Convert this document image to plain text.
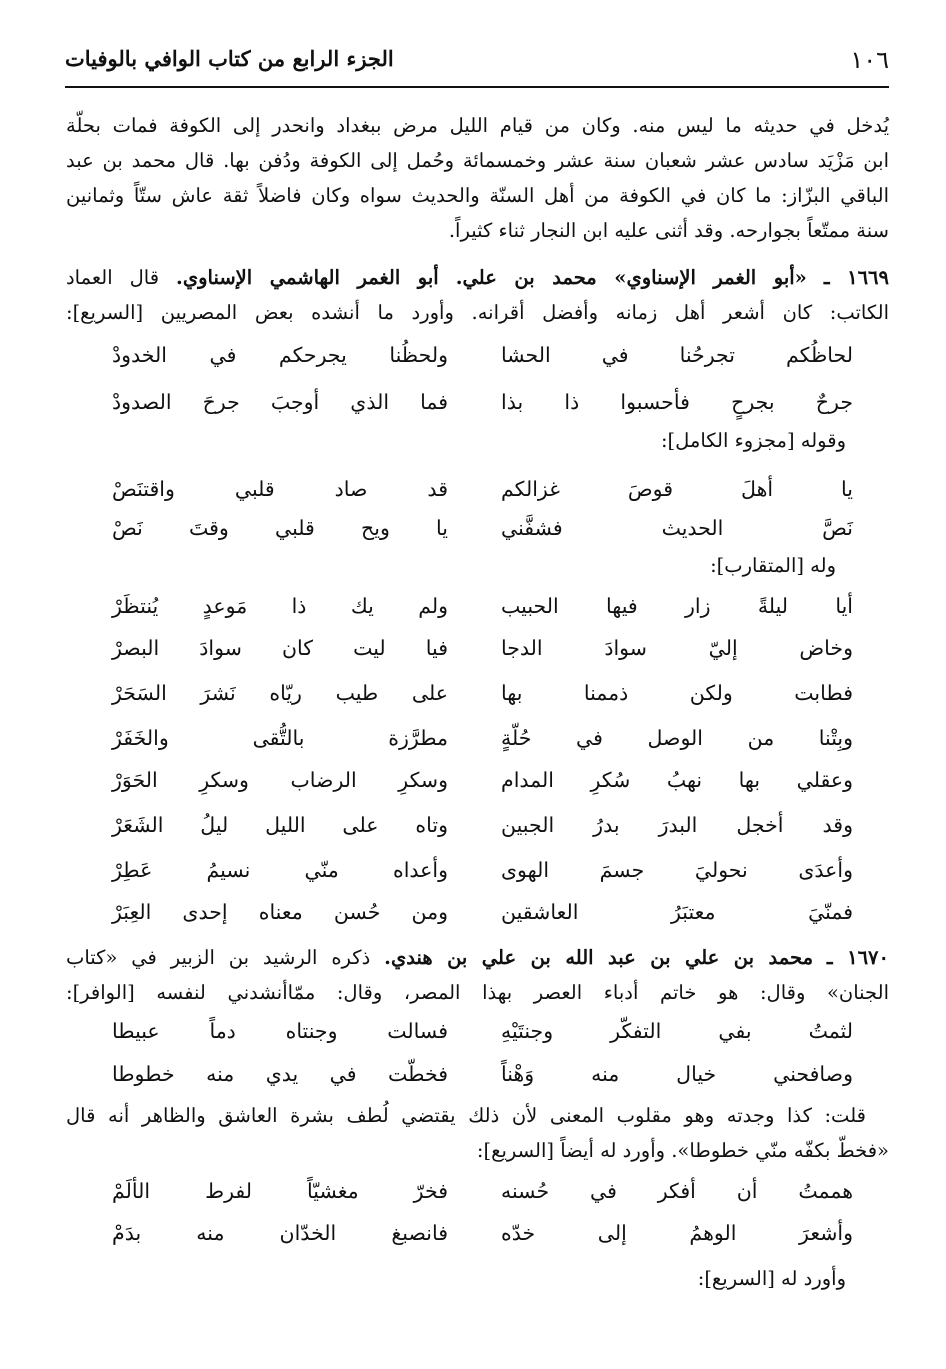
١٠٦
الجزء الرابع من كتاب الوافي بالوفيات
يُدخل في حديثه ما ليس منه. وكان من قيام الليل مرض ببغداد وانحدر إلى الكوفة فمات بحلّة
ابن مَزْيَد سادس عشر شعبان سنة عشر وخمسمائة وحُمل إلى الكوفة ودُفن بها. قال محمد بن عبد
الباقي البزّاز: ما كان في الكوفة من أهل السنّة والحديث سواه وكان فاضلاً ثقة عاش ستّاً وثمانين
سنة ممتّعاً بجوارحه. وقد أثنى عليه ابن النجار ثناء كثيراً.
١٦٦٩ ـ «أبو الغمر الإسناوي» محمد بن علي. أبو الغمر الهاشمي الإسناوي. قال العماد
الكاتب: كان أشعر أهل زمانه وأفضل أقرانه. وأورد ما أنشده بعض المصريين [السريع]:
لحاظُكم تجرحُنا في الحشا
ولحظُنا يجرحكم في الخدودْ
جرحٌ بجرحٍ فأحسبوا ذا بذا
فما الذي أوجبَ جرحَ الصدودْ
وقوله [مجزوء الكامل]:
يا أهلَ قوصَ غزالكم
قد صاد قلبي واقتنَصْ
نَصَّ الحديث فشفَّني
يا ويح قلبي وقتَ نَصْ
وله [المتقارب]:
أيا ليلةً زار فيها الحبيب
ولم يك ذا مَوعدٍ يُنتظَرْ
وخاض إليّ سوادَ الدجا
فيا ليت كان سوادَ البصرْ
فطابت ولكن ذممنا بها
على طيب ريّاه نَشرَ السَحَرْ
وبِتْنا من الوصل في حُلّةٍ
مطرَّزة بالتُّقى والخَفَرْ
وعقلي بها نهبُ سُكرِ المدام
وسكرِ الرضاب وسكرِ الحَوَرْ
وقد أخجل البدرَ بدرُ الجبين
وتاه على الليل ليلُ الشَعَرْ
وأعدَى نحوليَ جسمَ الهوى
وأعداه منّي نسيمُ عَطِرْ
فمنّيَ معتبَرُ العاشقين
ومن حُسن معناه إحدى العِبَرْ
١٦٧٠ ـ محمد بن علي بن عبد الله بن علي بن هندي. ذكره الرشيد بن الزبير في «كتاب
الجنان» وقال: هو خاتم أدباء العصر بهذا المصر، وقال: ممّاأنشدني لنفسه [الوافر]:
لثمتُ بفي التفكّر وجنتَيْهِ
فسالت وجنتاه دماً عبيطا
وصافحني خيال منه وَهْناً
فخطّت في يدي منه خطوطا
قلت: كذا وجدته وهو مقلوب المعنى لأن ذلك يقتضي لُطف بشرة العاشق والظاهر أنه قال
«فخطّ بكفّه منّي خطوطا». وأورد له أيضاً [السريع]:
هممتُ أن أفكر في حُسنه
فخرّ مغشيّاً لفرط الألَمْ
وأشعرَ الوهمُ إلى خدّه
فانصبغ الخدّان منه بدَمْ
وأورد له [السريع]:
